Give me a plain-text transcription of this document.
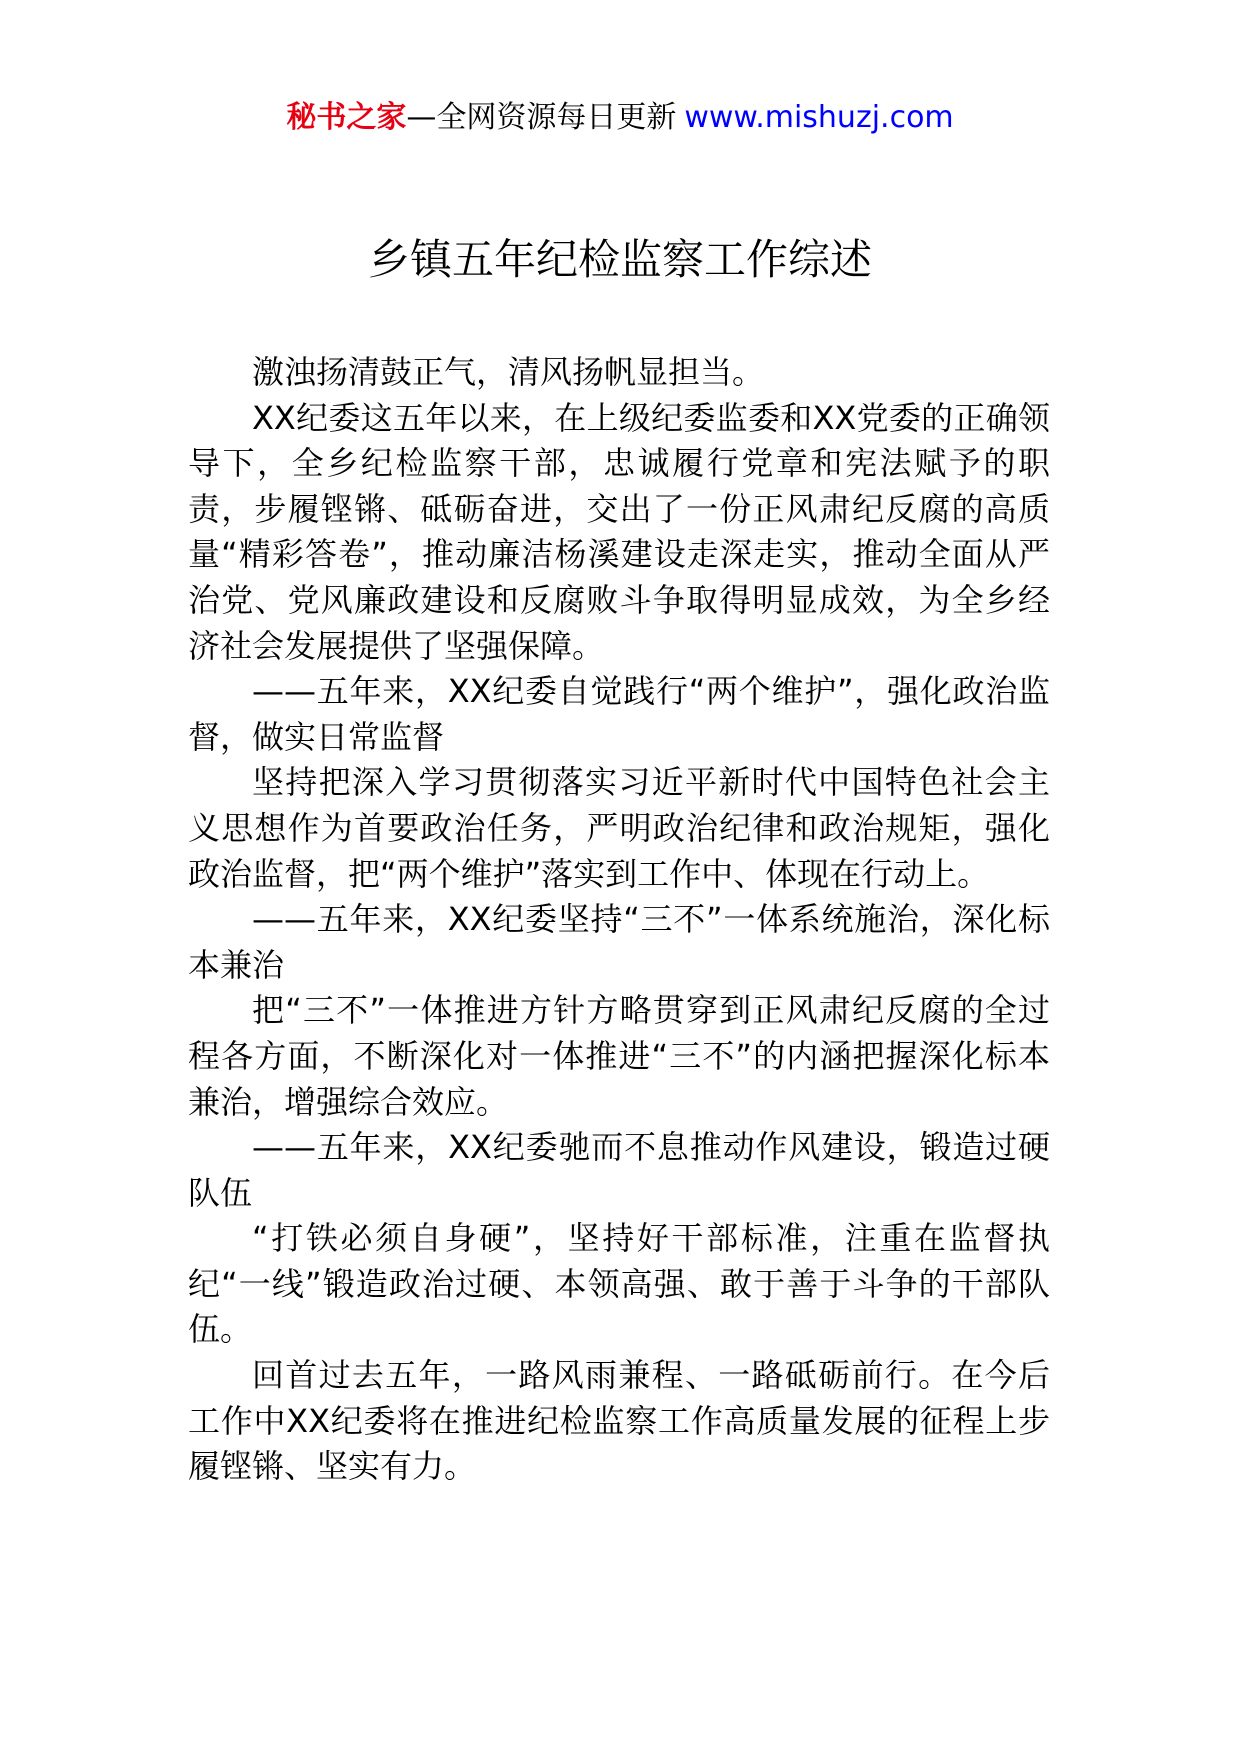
秘书之家—全网资源每日更新 www.mishuzj.com
乡镇五年纪检监察工作综述

激浊扬清鼓正气，清风扬帆显担当。

XX纪委这五年以来，在上级纪委监委和XX党委的正确领导下，全乡纪检监察干部，忠诚履行党章和宪法赋予的职责，步履铿锵、砥砺奋进，交出了一份正风肃纪反腐的高质量“精彩答卷”，推动廉洁杨溪建设走深走实，推动全面从严治党、党风廉政建设和反腐败斗争取得明显成效，为全乡经济社会发展提供了坚强保障。

——五年来，XX纪委自觉践行“两个维护”，强化政治监督，做实日常监督

坚持把深入学习贯彻落实习近平新时代中国特色社会主义思想作为首要政治任务，严明政治纪律和政治规矩，强化政治监督，把“两个维护”落实到工作中、体现在行动上。

——五年来，XX纪委坚持“三不”一体系统施治，深化标本兼治

把“三不”一体推进方针方略贯穿到正风肃纪反腐的全过程各方面，不断深化对一体推进“三不”的内涵把握深化标本兼治，增强综合效应。

——五年来，XX纪委驰而不息推动作风建设，锻造过硬队伍

“打铁必须自身硬”，坚持好干部标准，注重在监督执纪“一线”锻造政治过硬、本领高强、敢于善于斗争的干部队伍。

回首过去五年，一路风雨兼程、一路砥砺前行。在今后工作中XX纪委将在推进纪检监察工作高质量发展的征程上步履铿锵、坚实有力。
